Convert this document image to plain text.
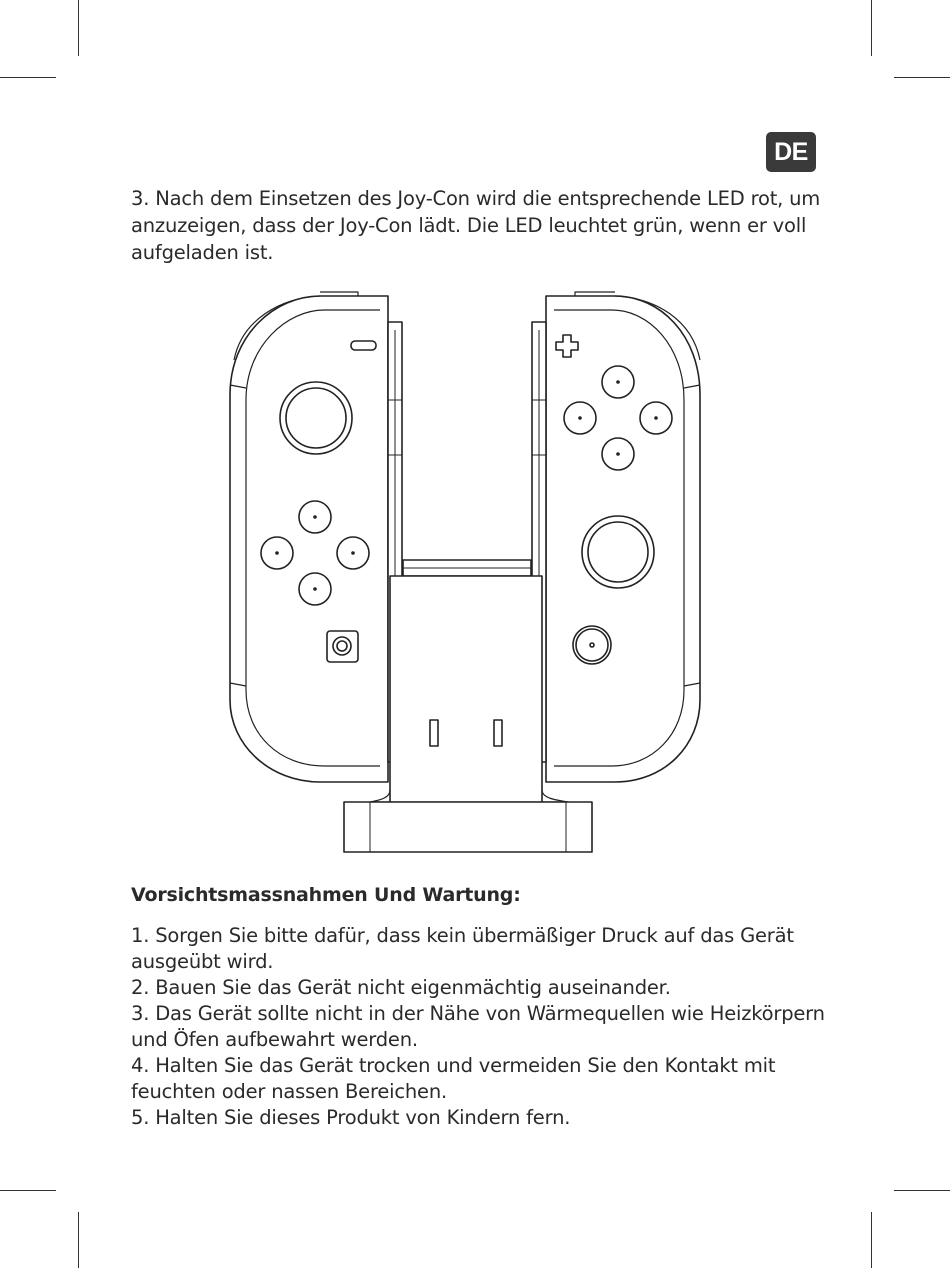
DE

3. Nach dem Einsetzen des Joy-Con wird die entsprechende LED rot, um anzuzeigen, dass der Joy-Con lädt. Die LED leuchtet grün, wenn er voll aufgeladen ist.

Vorsichtsmassnahmen Und Wartung:
1. Sorgen Sie bitte dafür, dass kein übermäßiger Druck auf das Gerät ausgeübt wird.
2. Bauen Sie das Gerät nicht eigenmächtig auseinander.
3. Das Gerät sollte nicht in der Nähe von Wärmequellen wie Heizkörpern und Öfen aufbewahrt werden.
4. Halten Sie das Gerät trocken und vermeiden Sie den Kontakt mit feuchten oder nassen Bereichen.
5. Halten Sie dieses Produkt von Kindern fern.
